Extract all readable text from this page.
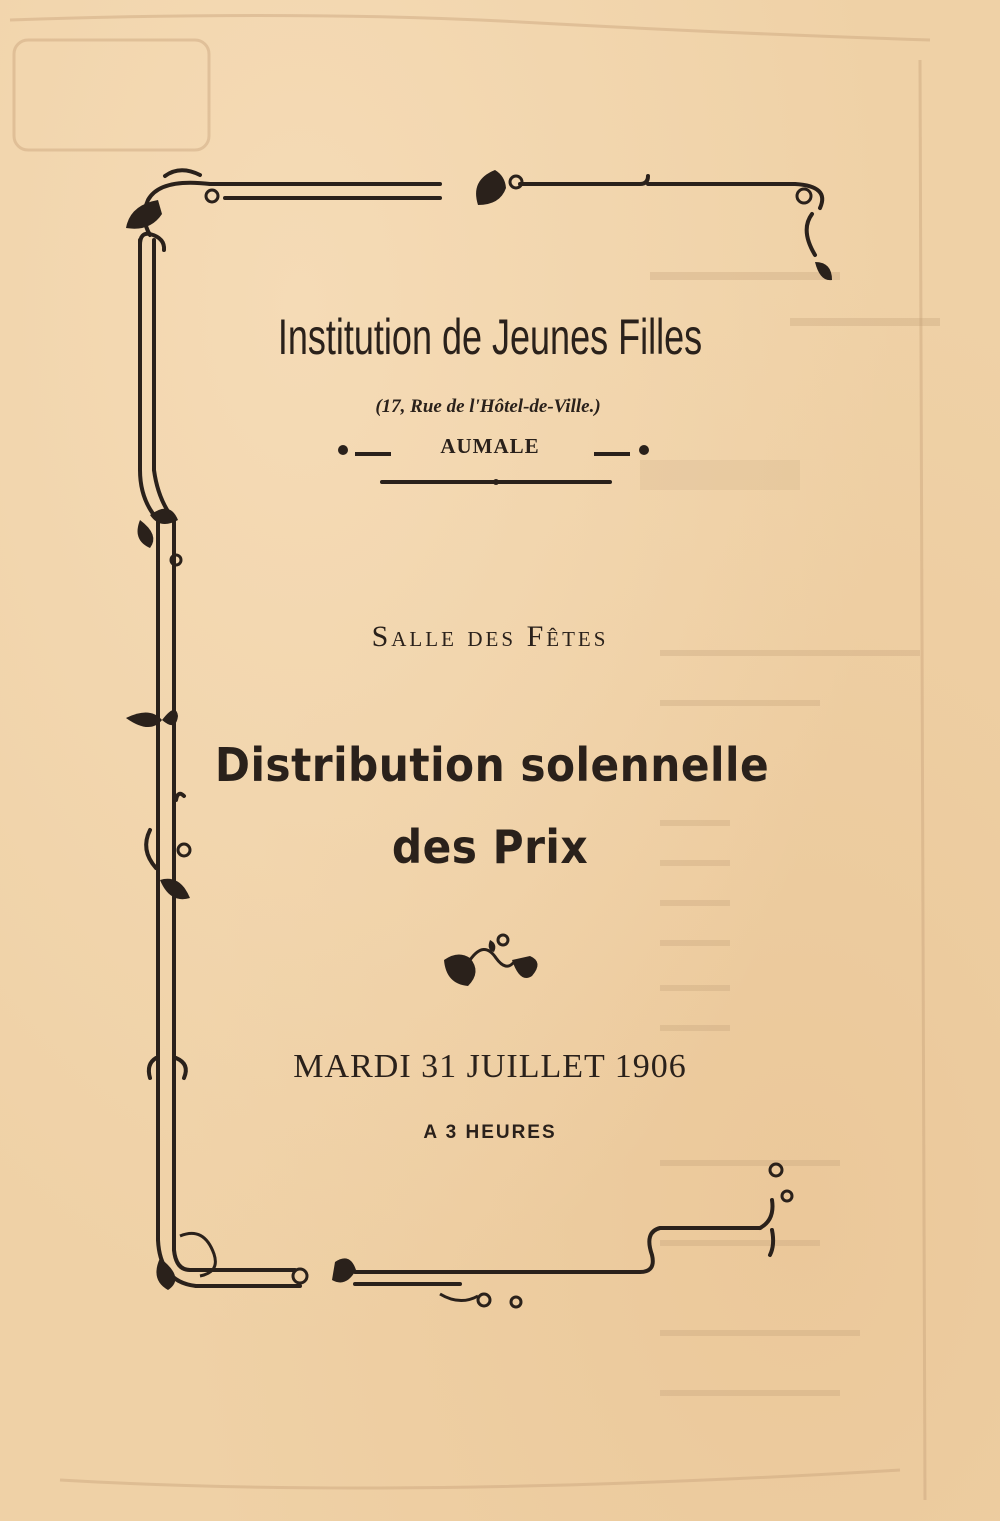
Institution de Jeunes Filles

(17, Rue de l'Hôtel-de-Ville.)

AUMALE

Salle des Fêtes

Distribution solennelle
des Prix

MARDI 31 JUILLET 1906

A 3 HEURES
